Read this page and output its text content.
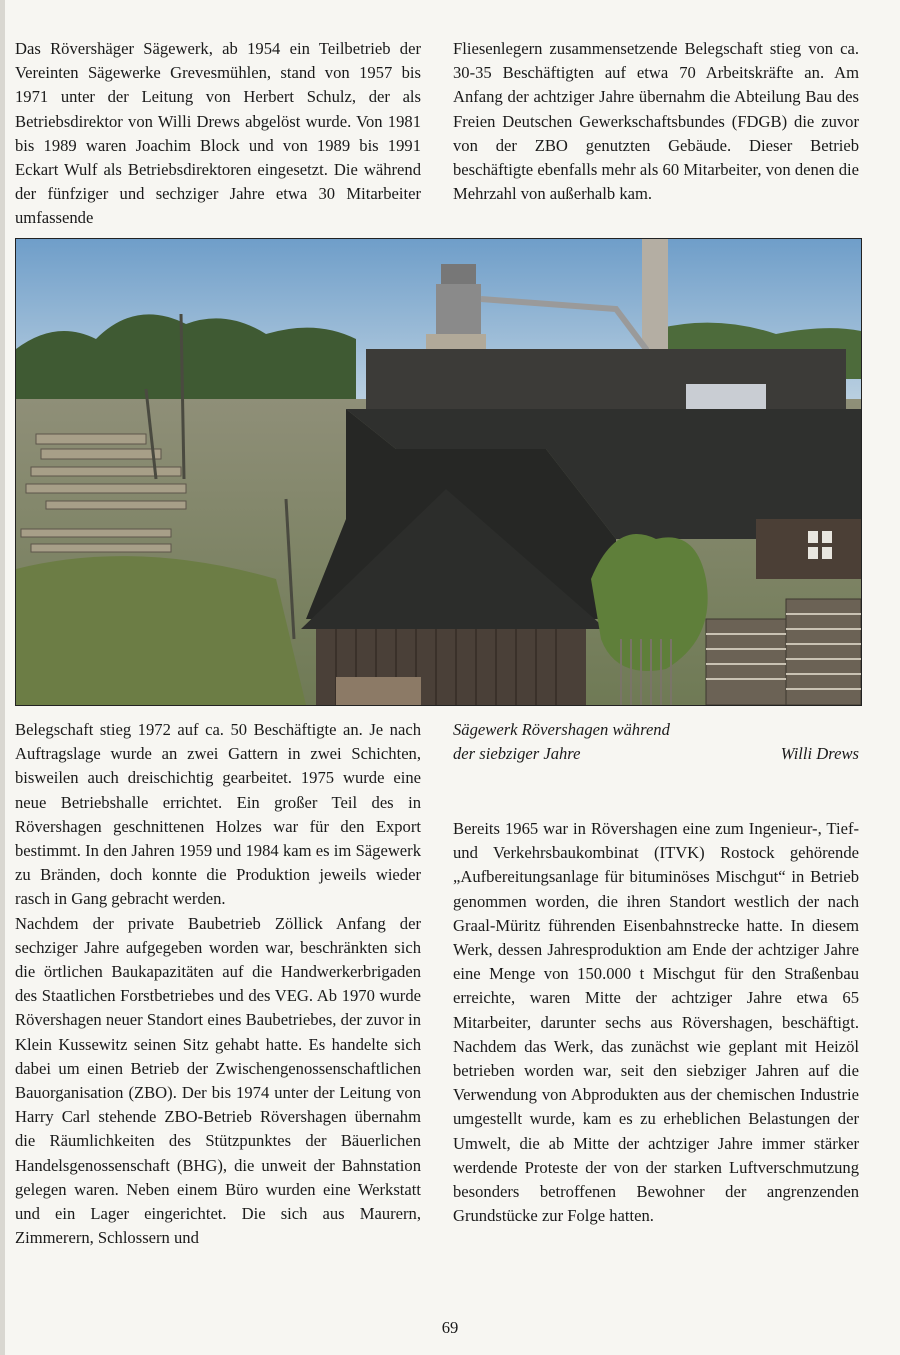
Das Rövershäger Sägewerk, ab 1954 ein Teilbetrieb der Vereinten Sägewerke Grevesmühlen, stand von 1957 bis 1971 unter der Leitung von Herbert Schulz, der als Betriebsdirektor von Willi Drews abgelöst wurde. Von 1981 bis 1989 waren Joachim Block und von 1989 bis 1991 Eckart Wulf als Betriebsdirektoren eingesetzt. Die während der fünfziger und sechziger Jahre etwa 30 Mitarbeiter umfassende

Fliesenlegern zusammensetzende Belegschaft stieg von ca. 30-35 Beschäftigten auf etwa 70 Arbeitskräfte an. Am Anfang der achtziger Jahre übernahm die Abteilung Bau des Freien Deutschen Gewerkschaftsbundes (FDGB) die zuvor von der ZBO genutzten Gebäude. Dieser Betrieb beschäftigte ebenfalls mehr als 60 Mitarbeiter, von denen die Mehrzahl von außerhalb kam.

Sägewerk Rövershagen während
der siebziger Jahre	Willi Drews

Belegschaft stieg 1972 auf ca. 50 Beschäftigte an. Je nach Auftragslage wurde an zwei Gattern in zwei Schichten, bisweilen auch dreischichtig gearbeitet. 1975 wurde eine neue Betriebshalle errichtet. Ein großer Teil des in Rövershagen geschnittenen Holzes war für den Export bestimmt. In den Jahren 1959 und 1984 kam es im Sägewerk zu Bränden, doch konnte die Produktion jeweils wieder rasch in Gang gebracht werden.

Nachdem der private Baubetrieb Zöllick Anfang der sechziger Jahre aufgegeben worden war, beschränkten sich die örtlichen Baukapazitäten auf die Handwerkerbrigaden des Staatlichen Forstbetriebes und des VEG. Ab 1970 wurde Rövershagen neuer Standort eines Baubetriebes, der zuvor in Klein Kussewitz seinen Sitz gehabt hatte. Es handelte sich dabei um einen Betrieb der Zwischengenossenschaftlichen Bauorganisation (ZBO). Der bis 1974 unter der Leitung von Harry Carl stehende ZBO-Betrieb Rövershagen übernahm die Räumlichkeiten des Stützpunktes der Bäuerlichen Handelsgenossenschaft (BHG), die unweit der Bahnstation gelegen waren. Neben einem Büro wurden eine Werkstatt und ein Lager eingerichtet. Die sich aus Maurern, Zimmerern, Schlossern und

Bereits 1965 war in Rövershagen eine zum Ingenieur-, Tief- und Verkehrsbaukombinat (ITVK) Rostock gehörende „Aufbereitungsanlage für bituminöses Mischgut“ in Betrieb genommen worden, die ihren Standort westlich der nach Graal-Müritz führenden Eisenbahnstrecke hatte. In diesem Werk, dessen Jahresproduktion am Ende der achtziger Jahre eine Menge von 150.000 t Mischgut für den Straßenbau erreichte, waren Mitte der achtziger Jahre etwa 65 Mitarbeiter, darunter sechs aus Rövershagen, beschäftigt. Nachdem das Werk, das zunächst wie geplant mit Heizöl betrieben worden war, seit den siebziger Jahren auf die Verwendung von Abprodukten aus der chemischen Industrie umgestellt wurde, kam es zu erheblichen Belastungen der Umwelt, die ab Mitte der achtziger Jahre immer stärker werdende Proteste der von der starken Luftverschmutzung besonders betroffenen Bewohner der angrenzenden Grundstücke zur Folge hatten.

69
